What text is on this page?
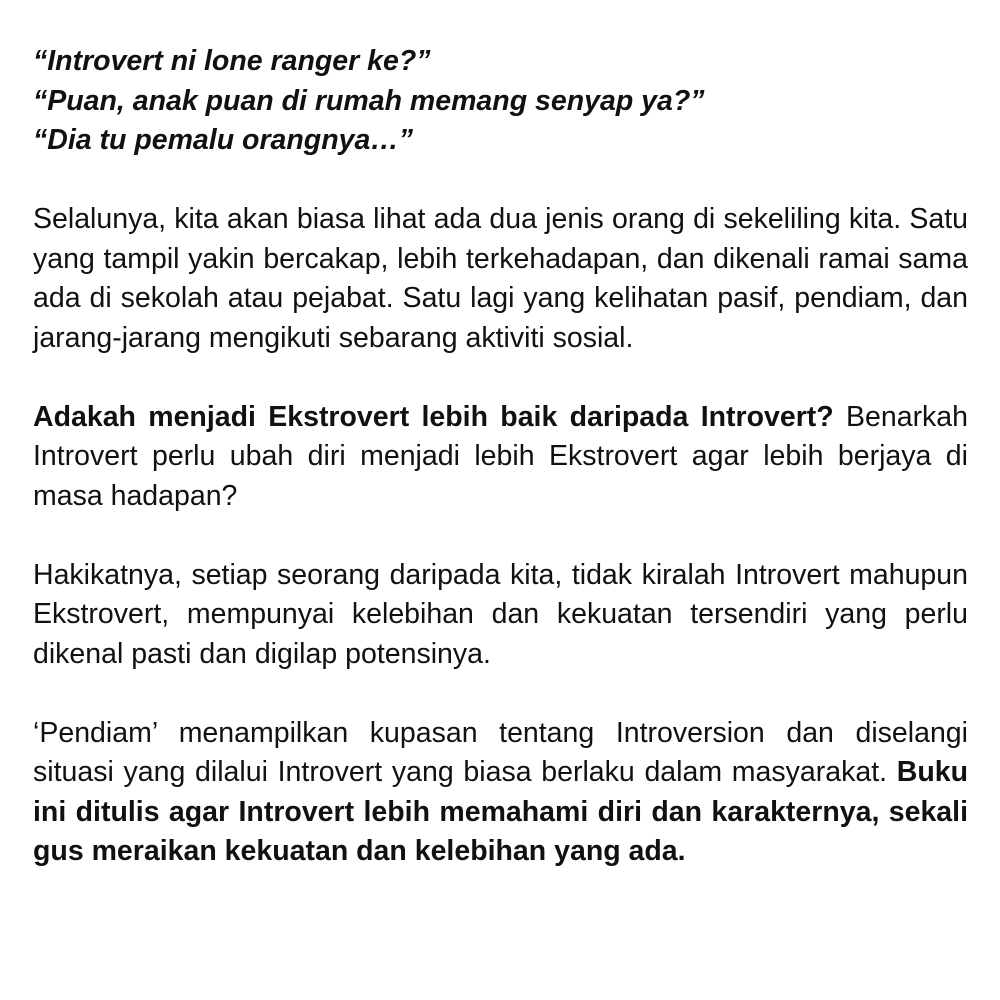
“Introvert ni lone ranger ke?”
“Puan, anak puan di rumah memang senyap ya?”
“Dia tu pemalu orangnya…”

Selalunya, kita akan biasa lihat ada dua jenis orang di sekeliling kita. Satu yang tampil yakin bercakap, lebih terkehadapan, dan dikenali ramai sama ada di sekolah atau pejabat. Satu lagi yang kelihatan pasif, pendiam, dan jarang-jarang mengikuti sebarang aktiviti sosial.

Adakah menjadi Ekstrovert lebih baik daripada Introvert? Benarkah Introvert perlu ubah diri menjadi lebih Ekstrovert agar lebih berjaya di masa hadapan?

Hakikatnya, setiap seorang daripada kita, tidak kiralah Introvert mahupun Ekstrovert, mempunyai kelebihan dan kekuatan tersendiri yang perlu dikenal pasti dan digilap potensinya.

‘Pendiam’ menampilkan kupasan tentang Introversion dan diselangi situasi yang dilalui Introvert yang biasa berlaku dalam masyarakat. Buku ini ditulis agar Introvert lebih memahami diri dan karakternya, sekali gus meraikan kekuatan dan kelebihan yang ada.
